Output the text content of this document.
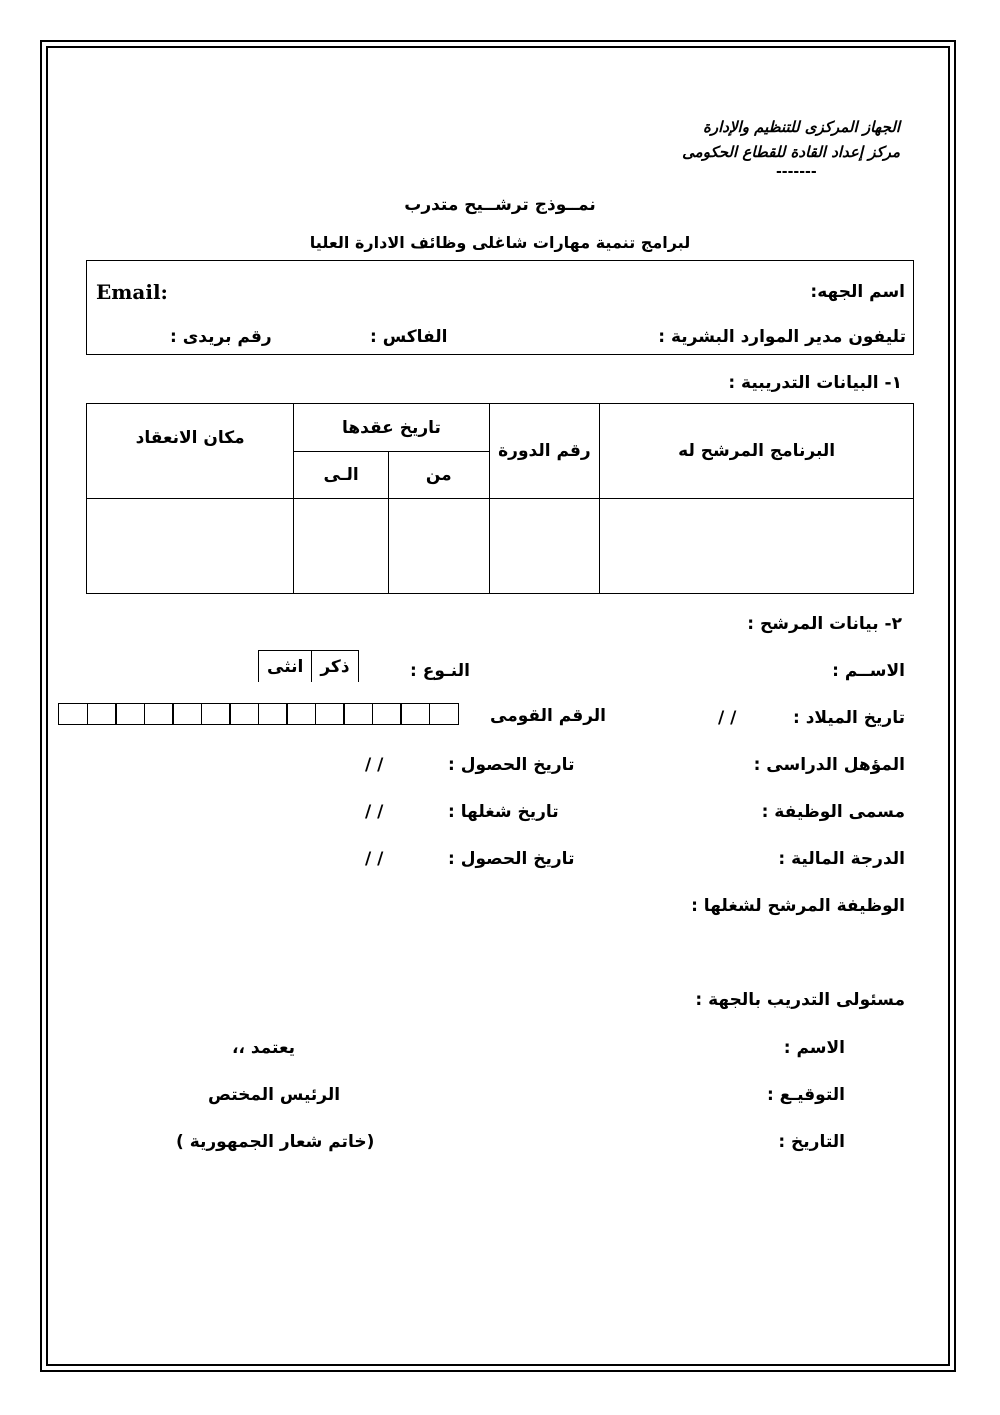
الجهاز المركزى للتنظيم والإدارة
مركز إعداد القادة للقطاع الحكومى
-------
نمــوذج ترشــيح متدرب
لبرامج تنمية مهارات شاغلى وظائف الادارة العليا
اسم الجهه:
Email:
تليفون مدير الموارد البشرية :
الفاكس :
رقم بريدى :
١- البيانات التدريبية :
البرنامج المرشح له	رقم الدورة	تاريخ عقدها		مكان الانعقاد
		من	الـى	

٢- بيانات المرشح :
الاســم :
النـوع :
ذكر
انثى
تاريخ الميلاد :
/ /
الرقم القومى
المؤهل الدراسى :
تاريخ الحصول :
/ /
مسمى الوظيفة :
تاريخ شغلها :
/ /
الدرجة المالية :
تاريخ الحصول :
/ /
الوظيفة المرشح لشغلها :
مسئولى التدريب بالجهة :
الاسم :
يعتمد ،،
التوقيـع :
الرئيس المختص
التاريخ :
(خاتم شعار الجمهورية )
